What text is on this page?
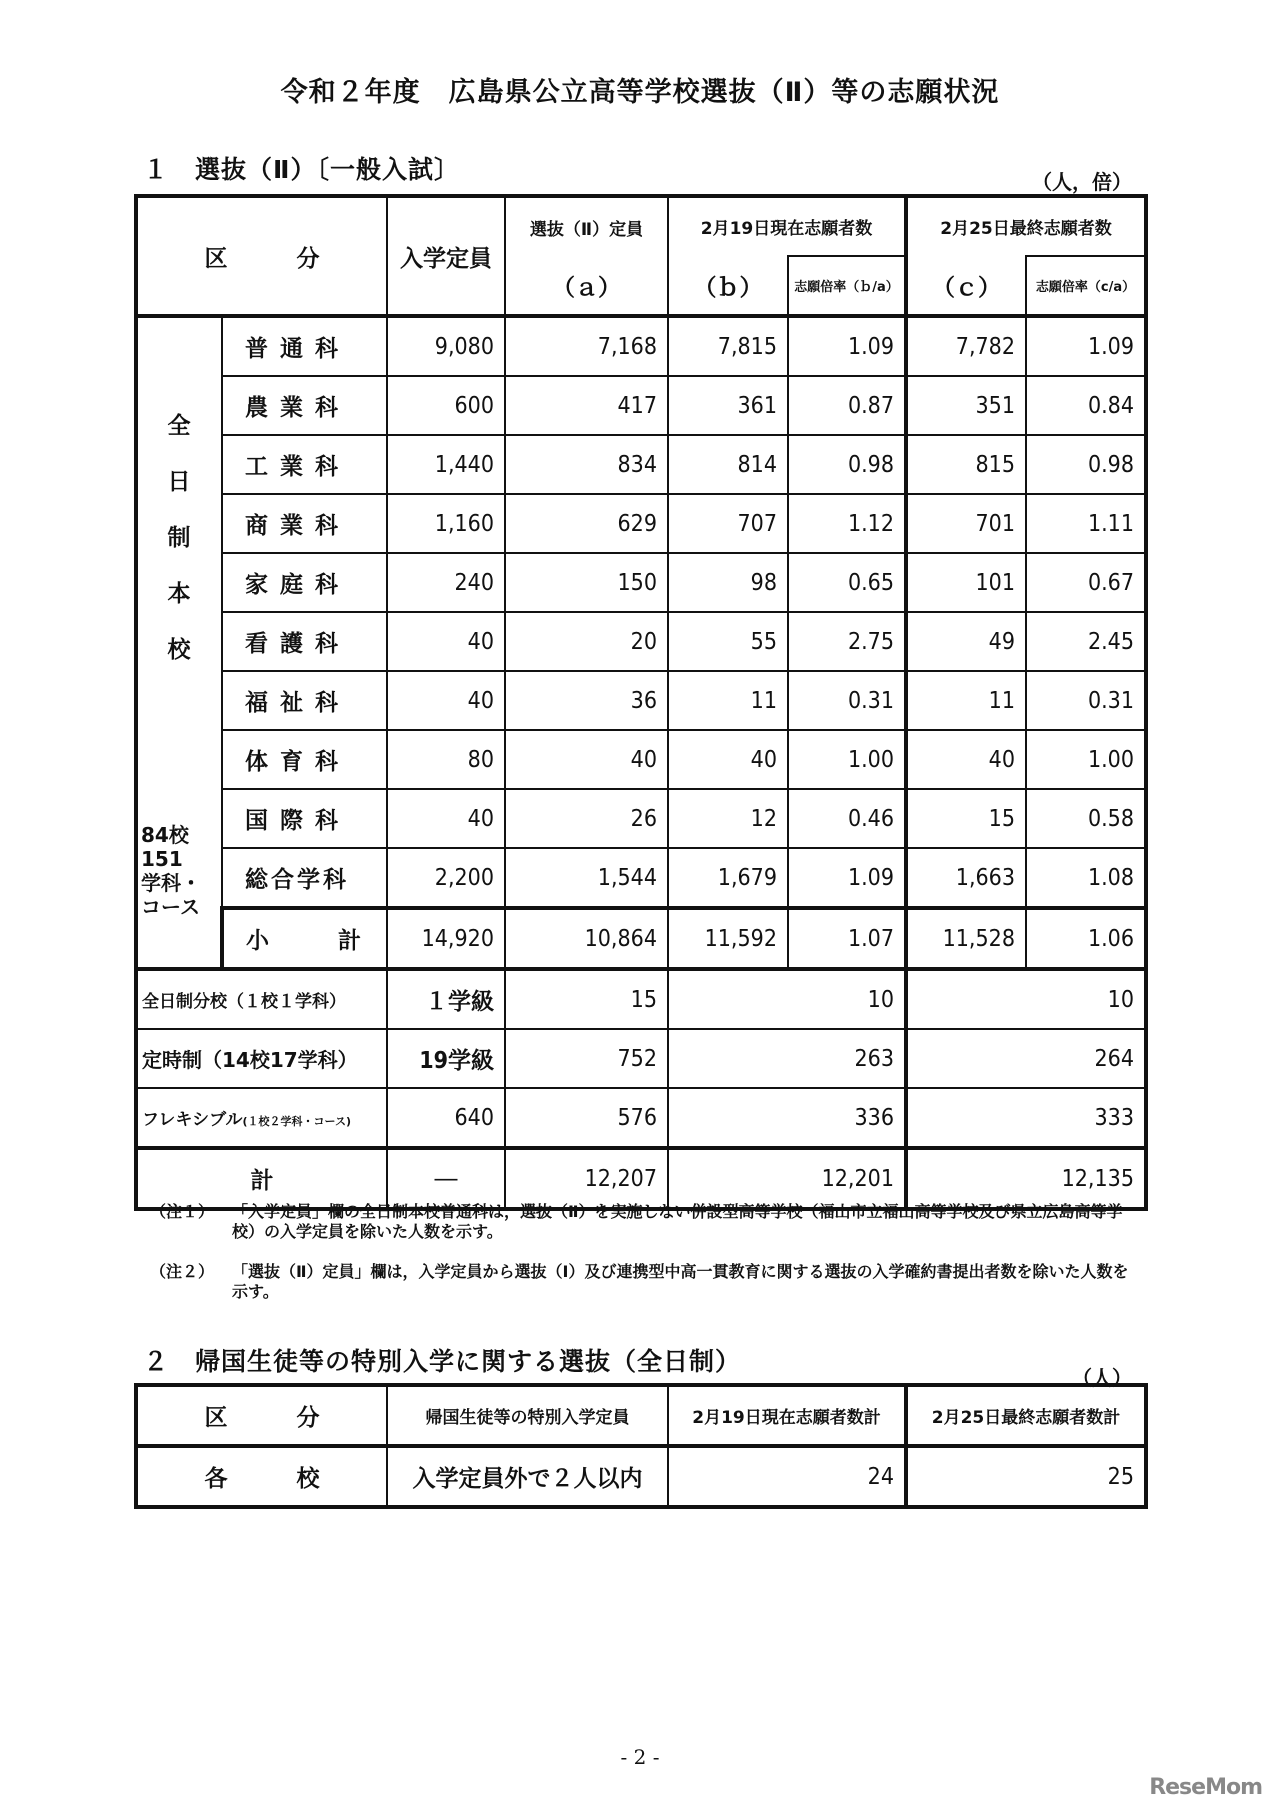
令和２年度　広島県公立高等学校選抜（Ⅱ）等の志願状況
１　選抜（Ⅱ）〔一般入試〕	（人，倍）
区　　　分		入学定員	選抜（Ⅱ）定員	2月19日現在志願者数		2月25日最終志願者数	
			（ａ）	（ｂ）	志願倍率（ｂ/a）	（ｃ）	志願倍率（c/a）

全
日
制
本
校
84校
151
学科・
コース
	普通科	9,080	7,168	7,815	1.09	7,782	1.09
	農業科	600	417	361	0.87	351	0.84
	工業科	1,440	834	814	0.98	815	0.98
	商業科	1,160	629	707	1.12	701	1.11
	家庭科	240	150	98	0.65	101	0.67
	看護科	40	20	55	2.75	49	2.45
	福祉科	40	36	11	0.31	11	0.31
	体育科	80	40	40	1.00	40	1.00
	国際科	40	26	12	0.46	15	0.58
	総合学科	2,200	1,544	1,679	1.09	1,663	1.08
	小　　　計	14,920	10,864	11,592	1.07	11,528	1.06
全日制分校（１校１学科）		１学級	15	10		10	
定時制（14校17学科）		19学級	752	263		264	
フレキシブル(１校２学科・コース)		640	576	336		333	
計		―	12,207	12,201		12,135	
（注１） 「入学定員」欄の全日制本校普通科は，選抜（Ⅱ）を実施しない併設型高等学校（福山市立福山高等学校及び県立広島高等学校）の入学定員を除いた人数を示す。
（注２） 「選抜（Ⅱ）定員」欄は，入学定員から選抜（Ⅰ）及び連携型中高一貫教育に関する選抜の入学確約書提出者数を除いた人数を示す。
２　帰国生徒等の特別入学に関する選抜（全日制）
（人）
区　　　分	帰国生徒等の特別入学定員	2月19日現在志願者数計	2月25日最終志願者数計
各　　　校	入学定員外で２人以内	24	25
- 2 -
ReseMom
